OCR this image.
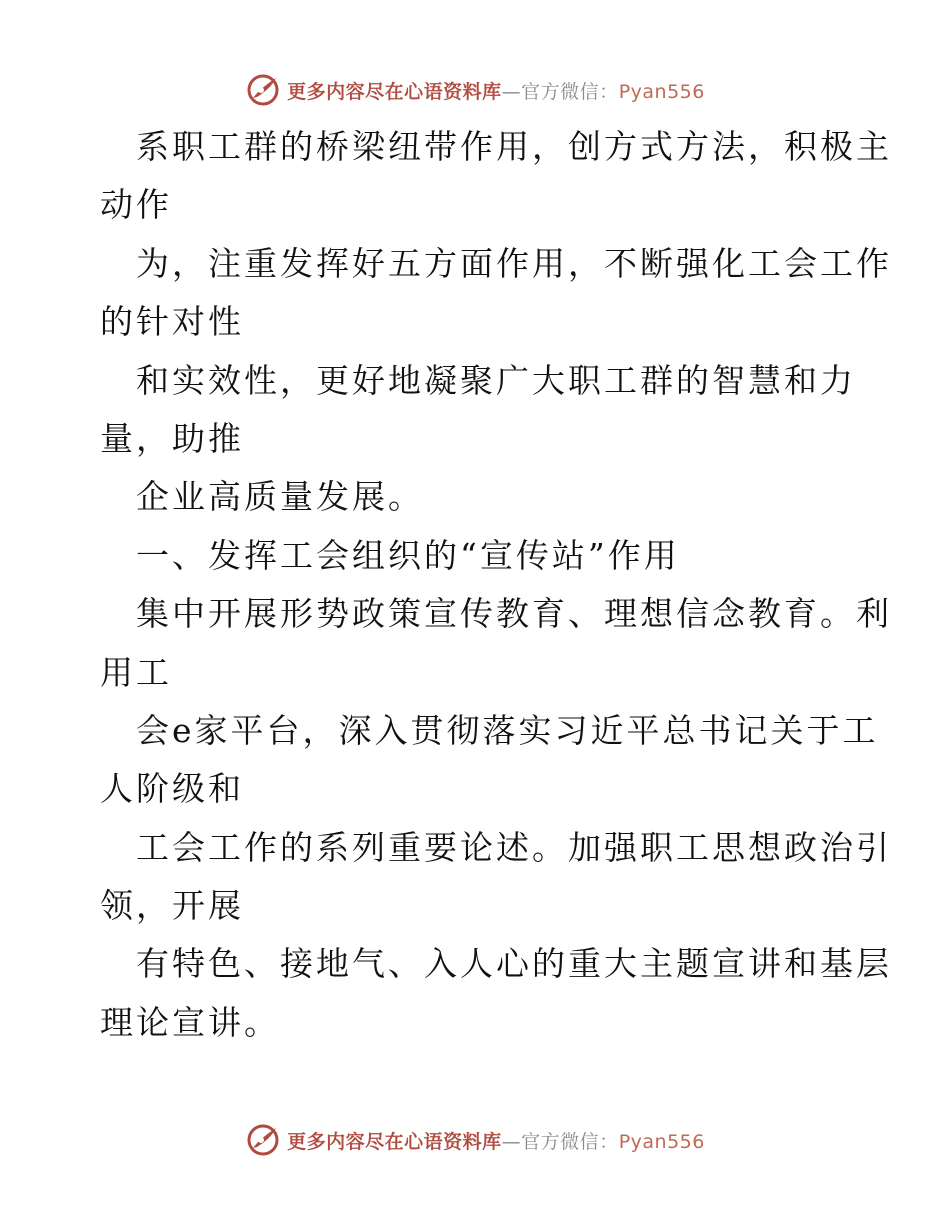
更多内容尽在心语资料库 — 官方微信： Pyan556
系职工群的桥梁纽带作用，创方式方法，积极主
动作
为，注重发挥好五方面作用，不断强化工会工作
的针对性
和实效性，更好地凝聚广大职工群的智慧和力
量，助推
企业高质量发展。
一、发挥工会组织的“宣传站”作用
集中开展形势政策宣传教育、理想信念教育。利
用工
会e家平台，深入贯彻落实习近平总书记关于工
人阶级和
工会工作的系列重要论述。加强职工思想政治引
领，开展
有特色、接地气、入人心的重大主题宣讲和基层
理论宣讲。
更多内容尽在心语资料库 — 官方微信： Pyan556
